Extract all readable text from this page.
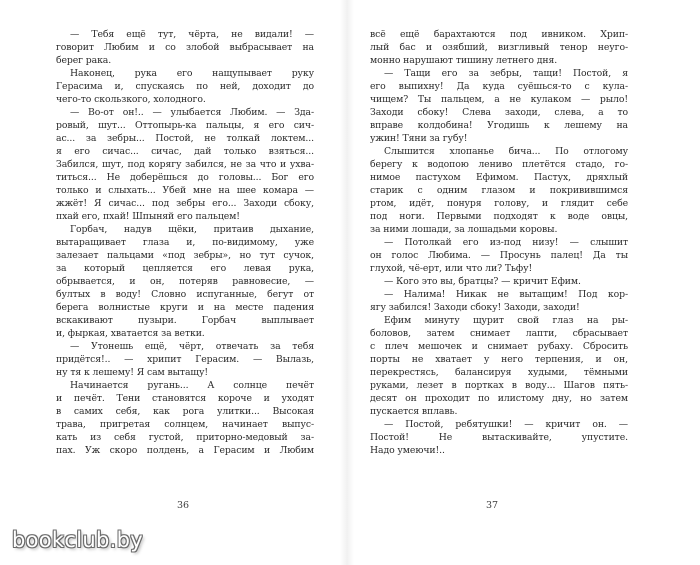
— Тебя ещё тут, чёрта, не видали! —
говорит Любим и со злобой выбрасывает на
берег рака.
Наконец, рука его нащупывает руку
Герасима и, спускаясь по ней, доходит до
чего-то скользкого, холодного.
— Во-от он!.. — улыбается Любим. — Зда-
ровый, шут... Оттопырь-ка пальцы, я его сич-
ас... за зебры... Постой, не толкай локтем...
я его сичас... сичас, дай только взяться...
Забился, шут, под корягу забился, не за что и ухва-
титься... Не доберёшься до головы... Бог его
только и слыхать... Убей мне на шее комара —
жжёт! Я сичас... под зебры его... Заходи сбоку,
пхай его, пхай! Шпыняй его пальцем!
Горбач, надув щёки, притаив дыхание,
вытаращивает глаза и, по-видимому, уже
залезает пальцами «под зебры», но тут сучок,
за который цепляется его левая рука,
обрывается, и он, потеряв равновесие, —
бултых в воду! Словно испуганные, бегут от
берега волнистые круги и на месте падения
вскакивают пузыри. Горбач выплывает
и, фыркая, хватается за ветки.
— Утонешь ещё, чёрт, отвечать за тебя
придётся!.. — хрипит Герасим. — Вылазь,
ну тя к лешему! Я сам вытащу!
Начинается ругань... А солнце печёт
и печёт. Тени становятся короче и уходят
в самих себя, как рога улитки... Высокая
трава, пригретая солнцем, начинает выпус-
кать из себя густой, приторно-медовый за-
пах. Уж скоро полдень, а Герасим и Любим
всё ещё барахтаются под ивником. Хрип-
лый бас и озябший, визгливый тенор неуго-
монно нарушают тишину летнего дня.
— Тащи его за зебры, тащи! Постой, я
его выпихну! Да куда суёшься-то с кула-
чищем? Ты пальцем, а не кулаком — рыло!
Заходи сбоку! Слева заходи, слева, а то
вправе колдобина! Угодишь к лешему на
ужин! Тяни за губу!
Слышится хлопанье бича... По отлогому
берегу к водопою лениво плетётся стадо, го-
нимое пастухом Ефимом. Пастух, дряхлый
старик с одним глазом и покривившимся
ртом, идёт, понуря голову, и глядит себе
под ноги. Первыми подходят к воде овцы,
за ними лошади, за лошадьми коровы.
— Потолкай его из-под низу! — слышит
он голос Любима. — Просунь палец! Да ты
глухой, чё-ерт, или что ли? Тьфу!
— Кого это вы, братцы? — кричит Ефим.
— Налима! Никак не вытащим! Под кор-
ягу забился! Заходи сбоку! Заходи, заходи!
Ефим минуту щурит свой глаз на ры-
боловов, затем снимает лапти, сбрасывает
с плеч мешочек и снимает рубаху. Сбросить
порты не хватает у него терпения, и он,
перекрестясь, балансируя худыми, тёмными
руками, лезет в портках в воду... Шагов пять-
десят он проходит по илистому дну, но затем
пускается вплавь.
— Постой, ребятушки! — кричит он. —
Постой! Не вытаскивайте, упустите.
Надо умеючи!..
36	37
bookclub.by
